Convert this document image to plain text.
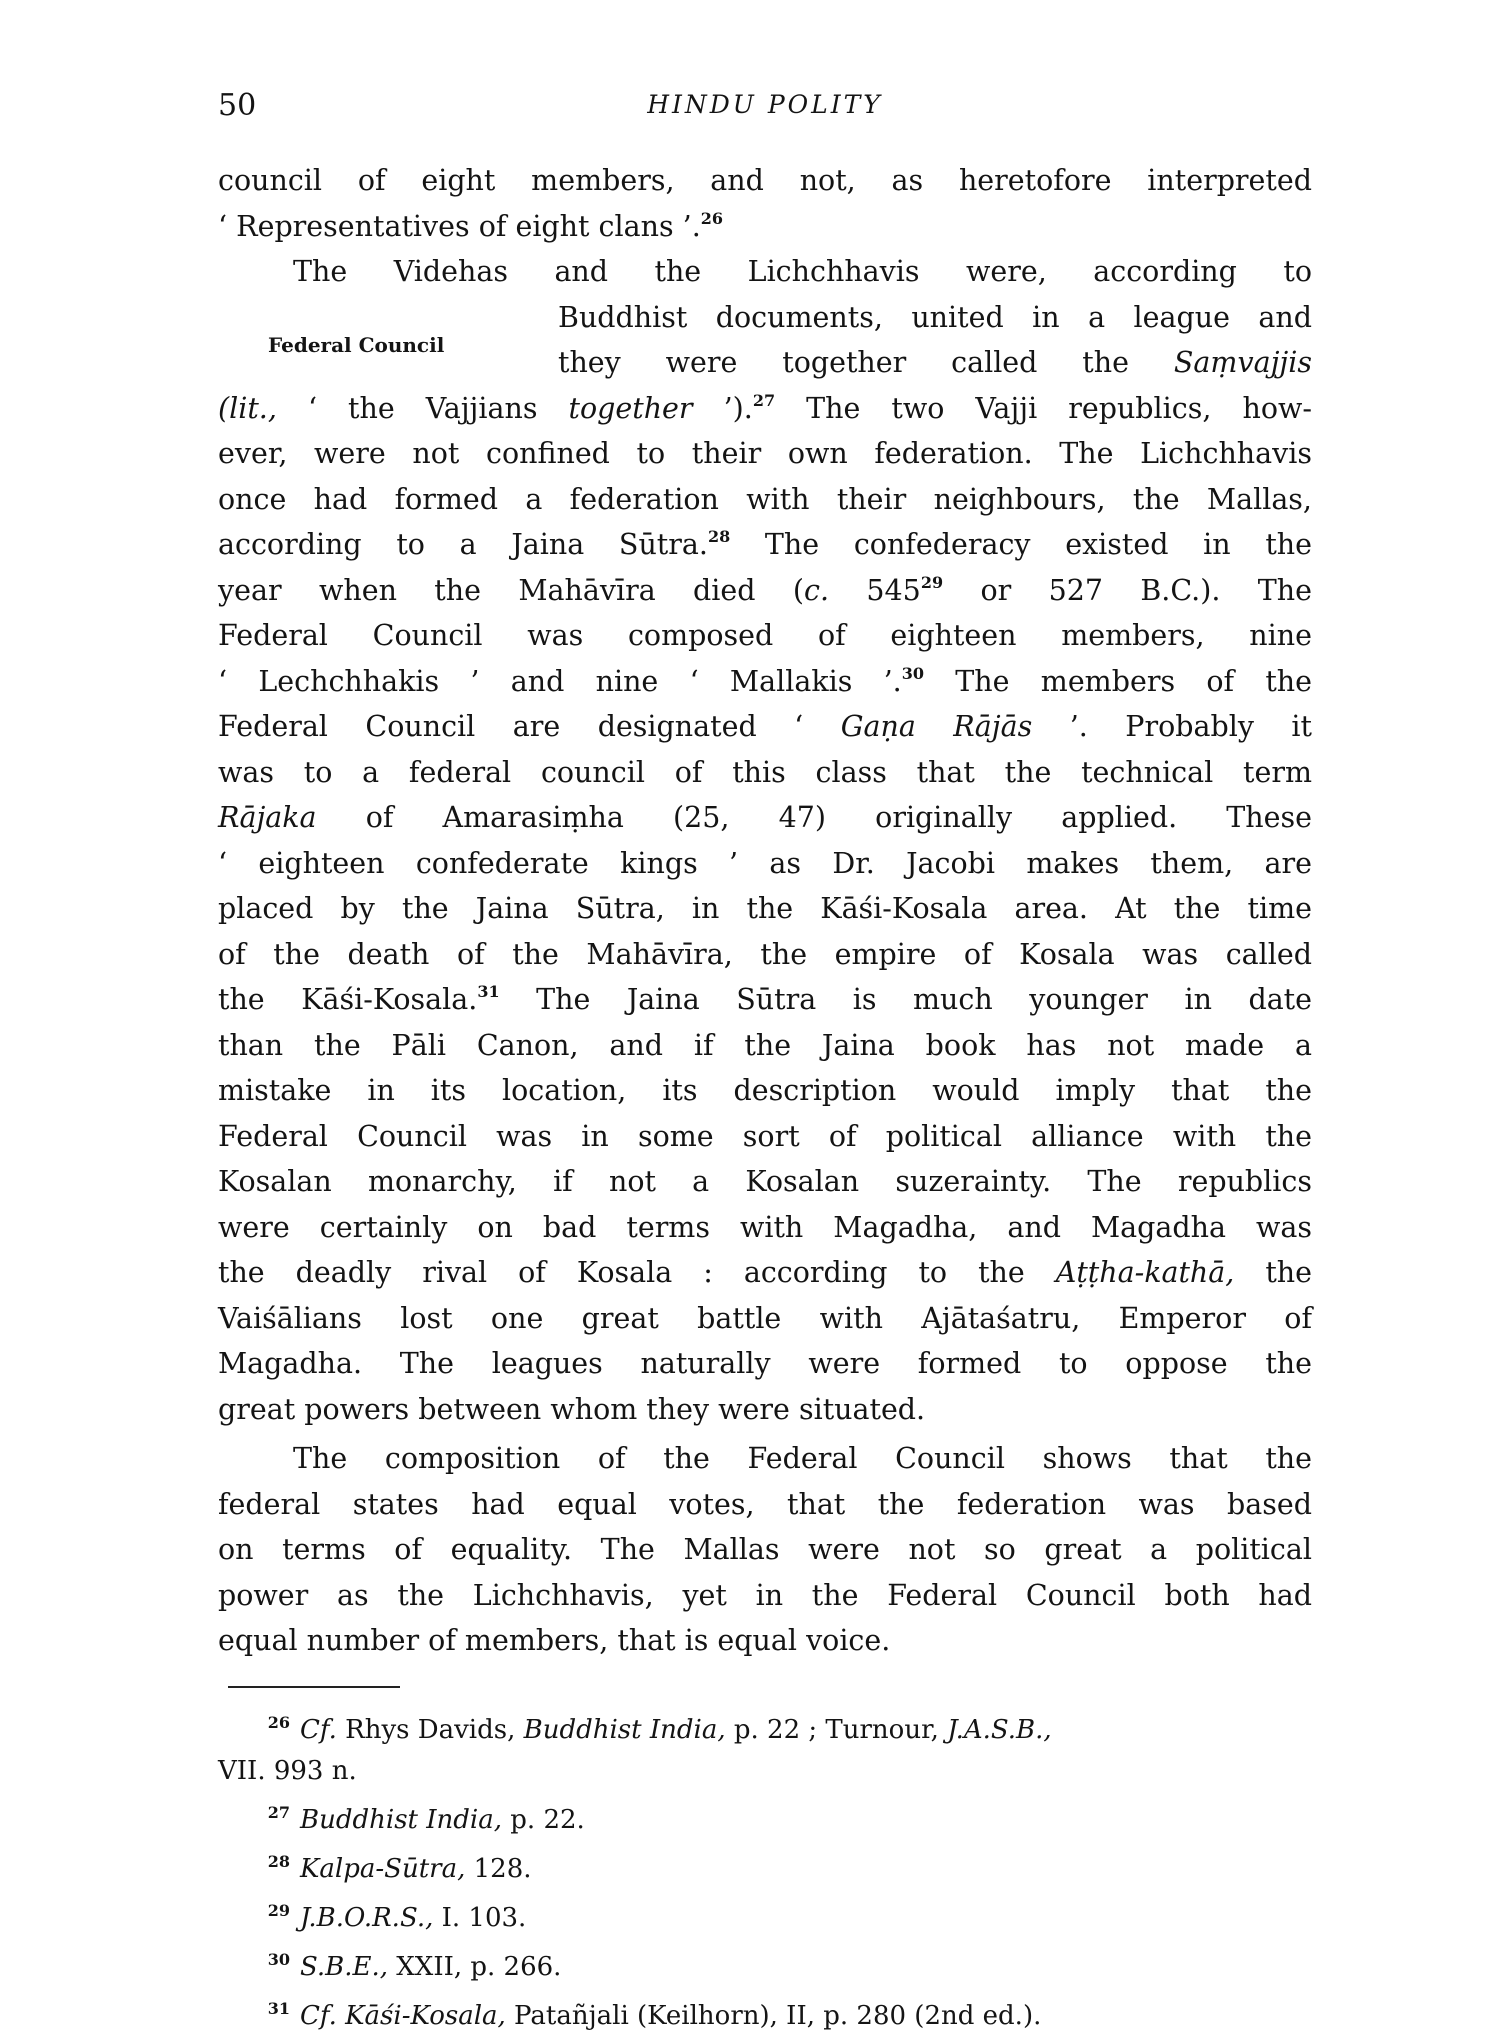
50	HINDU POLITY
Federal Council

council of eight members, and not, as heretofore interpreted
‘ Representatives of eight clans ’.$^{26}$

The Videhas and the Lichchhavis were, according to
Buddhist documents, united in a league and
they were together called the Saṃvajjis
(lit., ‘ the Vajjians together ’).$^{27}$ The two Vajji republics, how-
ever, were not confined to their own federation. The Lichchhavis
once had formed a federation with their neighbours, the Mallas,
according to a Jaina Sūtra.$^{28}$ The confederacy existed in the
year when the Mahāvīra died (c. $545^{29}$ or 527 B.C.). The
Federal Council was composed of eighteen members, nine
‘ Lechchhakis ’ and nine ‘ Mallakis ’.$^{30}$ The members of the
Federal Council are designated ‘ Gaṇa Rājās ’. Probably it
was to a federal council of this class that the technical term
Rājaka of Amarasiṃha (25, 47) originally applied. These
‘ eighteen confederate kings ’ as Dr. Jacobi makes them, are
placed by the Jaina Sūtra, in the Kāśi-Kosala area. At the time
of the death of the Mahāvīra, the empire of Kosala was called
the Kāśi-Kosala.$^{31}$ The Jaina Sūtra is much younger in date
than the Pāli Canon, and if the Jaina book has not made a
mistake in its location, its description would imply that the
Federal Council was in some sort of political alliance with the
Kosalan monarchy, if not a Kosalan suzerainty. The republics
were certainly on bad terms with Magadha, and Magadha was
the deadly rival of Kosala : according to the Aṭṭha-kathā, the
Vaiśālians lost one great battle with Ajātaśatru, Emperor of
Magadha. The leagues naturally were formed to oppose the
great powers between whom they were situated.

The composition of the Federal Council shows that the
federal states had equal votes, that the federation was based
on terms of equality. The Mallas were not so great a political
power as the Lichchhavis, yet in the Federal Council both had
equal number of members, that is equal voice.

26 Cf. Rhys Davids, Buddhist India, p. 22 ; Turnour, J.A.S.B.,
VII. 993 n.
27 Buddhist India, p. 22.
28 Kalpa-Sūtra, 128.
29 J.B.O.R.S., I. 103.
30 S.B.E., XXII, p. 266.
31 Cf. Kāśi-Kosala, Patañjali (Keilhorn), II, p. 280 (2nd ed.).
